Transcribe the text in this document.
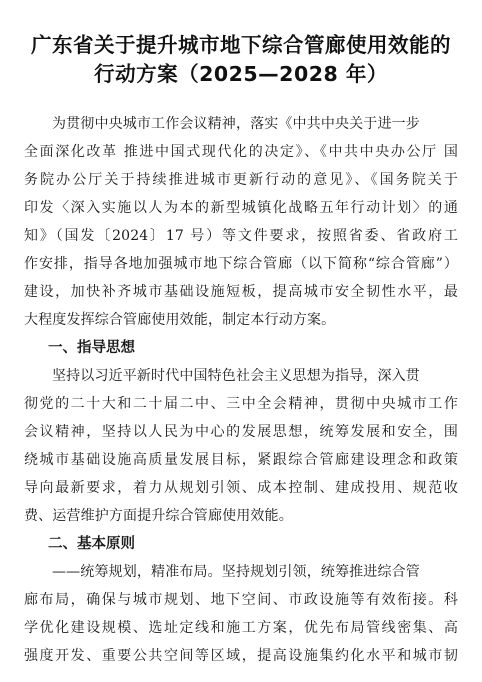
广东省关于提升城市地下综合管廊使用效能的
行动方案（2025—2028 年）
为贯彻中央城市工作会议精神，落实《中共中央关于进一步
全面深化改革 推进中国式现代化的决定》、《中共中央办公厅 国
务院办公厅关于持续推进城市更新行动的意见》、《国务院关于
印发〈深入实施以人为本的新型城镇化战略五年行动计划〉的通
知》（国发〔2024〕17 号）等文件要求，按照省委、省政府工
作安排，指导各地加强城市地下综合管廊（以下简称“综合管廊”）
建设，加快补齐城市基础设施短板，提高城市安全韧性水平，最
大程度发挥综合管廊使用效能，制定本行动方案。
一、指导思想
坚持以习近平新时代中国特色社会主义思想为指导，深入贯
彻党的二十大和二十届二中、三中全会精神，贯彻中央城市工作
会议精神，坚持以人民为中心的发展思想，统筹发展和安全，围
绕城市基础设施高质量发展目标，紧跟综合管廊建设理念和政策
导向最新要求，着力从规划引领、成本控制、建成投用、规范收
费、运营维护方面提升综合管廊使用效能。
二、基本原则
——统筹规划，精准布局。坚持规划引领，统筹推进综合管
廊布局，确保与城市规划、地下空间、市政设施等有效衔接。科
学优化建设规模、选址定线和施工方案，优先布局管线密集、高
强度开发、重要公共空间等区域，提高设施集约化水平和城市韧
